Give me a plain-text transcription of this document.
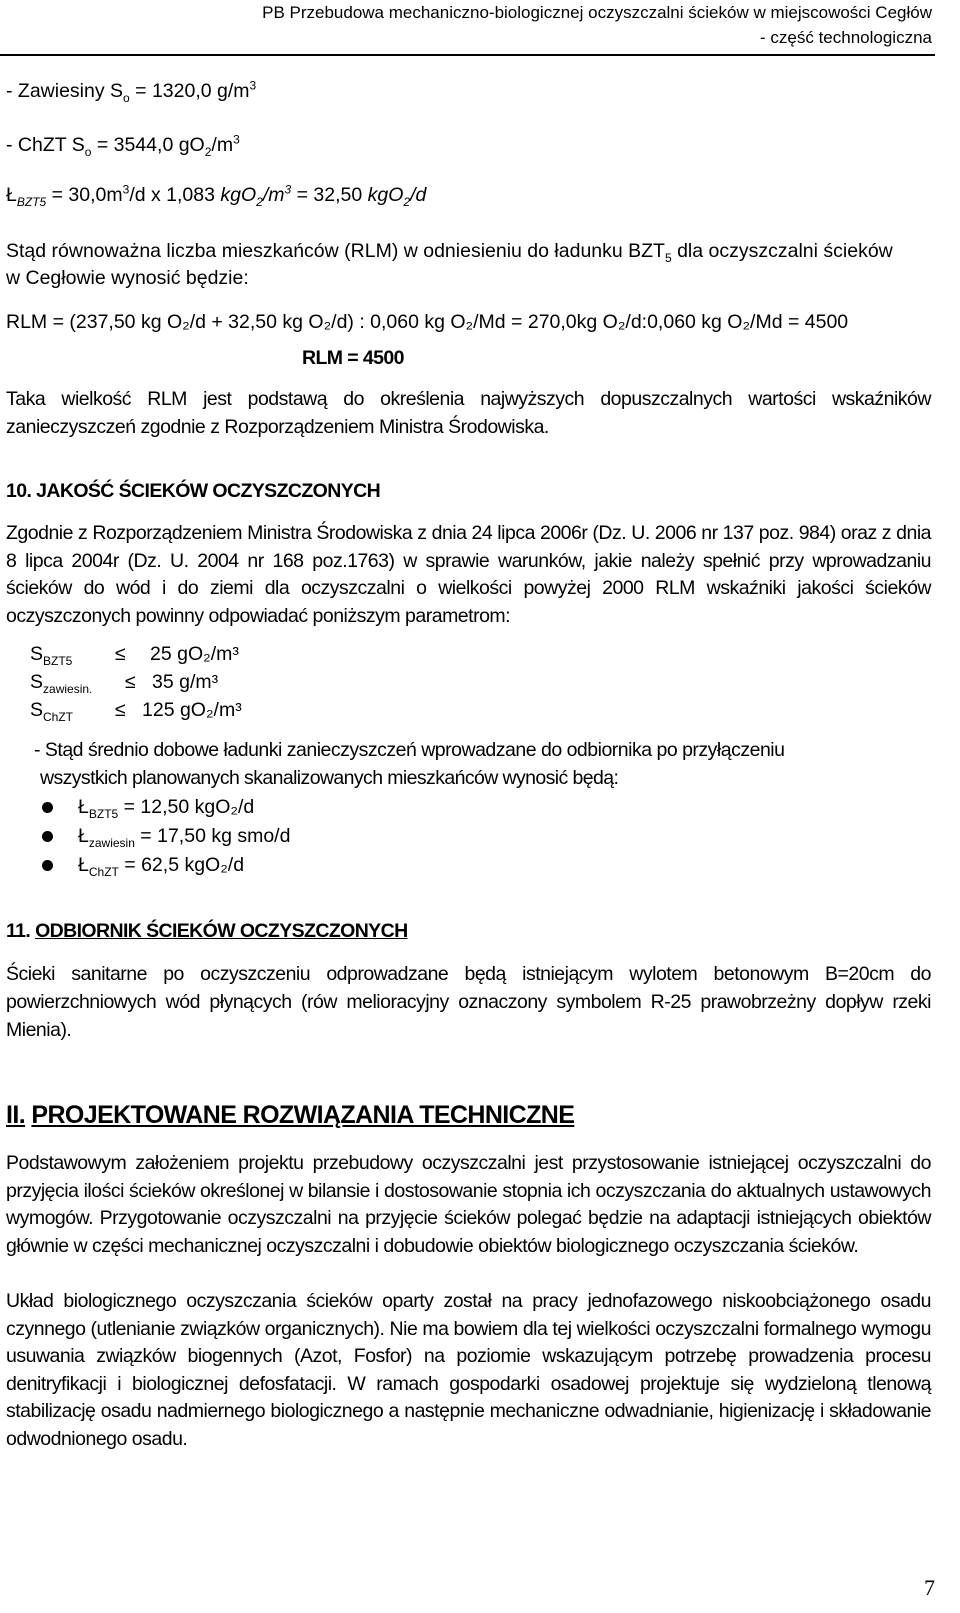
PB Przebudowa mechaniczno-biologicznej oczyszczalni ścieków w miejscowości Cegłów
- część technologiczna
- Zawiesiny $S_o = 1320,0$ $g/m^3$
- ChZT $S_o = 3544,0$ $gO_2/m^3$
$Ł_{BZT5} = 30,0m^3/d$ x 1,083 $kgO_2/m^3 = 32,50$ kgO$_2$/d
Stąd równoważna liczba mieszkańców (RLM) w odniesieniu do ładunku $BZT_5$ dla oczyszczalni ścieków
w Cegłowie wynosić będzie:
RLM = (237,50 kg O₂/d + 32,50 kg O₂/d) : 0,060 kg O₂/Md = 270,0kg O₂/d:0,060 kg O₂/Md = 4500
RLM = 4500
Taka wielkość RLM jest podstawą do określenia najwyższych dopuszczalnych wartości wskaźników zanieczyszczeń zgodnie z Rozporządzeniem Ministra Środowiska.
10. JAKOŚĆ ŚCIEKÓW OCZYSZCZONYCH
Zgodnie z Rozporządzeniem Ministra Środowiska z dnia 24 lipca 2006r (Dz. U. 2006 nr 137 poz. 984) oraz z dnia 8 lipca 2004r (Dz. U. 2004 nr 168 poz.1763) w sprawie warunków, jakie należy spełnić przy wprowadzaniu ścieków do wód i do ziemi dla oczyszczalni o wielkości powyżej 2000 RLM wskaźniki jakości ścieków oczyszczonych powinny odpowiadać poniższym parametrom:
$S_{BZT5} \le 25$ gO₂/m³
$S_{zawiesin.} \le 35$ g/m³
$S_{ChZT} \le 125$ gO₂/m³
- Stąd średnio dobowe ładunki zanieczyszczeń wprowadzane do odbiornika po przyłączeniu
wszystkich planowanych skanalizowanych mieszkańców wynosić będą:
$Ł_{BZT5} = 12,50$ kgO₂/d
$Ł_{zawiesin} = 17,50$ kg smo/d
$Ł_{ChZT} = 62,5$ kgO₂/d
11. ODBIORNIK ŚCIEKÓW OCZYSZCZONYCH
Ścieki sanitarne po oczyszczeniu odprowadzane będą istniejącym wylotem betonowym B=20cm do powierzchniowych wód płynących (rów melioracyjny oznaczony symbolem R-25 prawobrzeżny dopływ rzeki Mienia).
II. PROJEKTOWANE ROZWIĄZANIA TECHNICZNE
Podstawowym założeniem projektu przebudowy oczyszczalni jest przystosowanie istniejącej oczyszczalni do przyjęcia ilości ścieków określonej w bilansie i dostosowanie stopnia ich oczyszczania do aktualnych ustawowych wymogów. Przygotowanie oczyszczalni na przyjęcie ścieków polegać będzie na adaptacji istniejących obiektów głównie w części mechanicznej oczyszczalni i dobudowie obiektów biologicznego oczyszczania ścieków.
Układ biologicznego oczyszczania ścieków oparty został na pracy jednofazowego niskoobciążonego osadu czynnego (utlenianie związków organicznych). Nie ma bowiem dla tej wielkości oczyszczalni formalnego wymogu usuwania związków biogennych (Azot, Fosfor) na poziomie wskazującym potrzebę prowadzenia procesu denitryfikacji i biologicznej defosfatacji. W ramach gospodarki osadowej projektuje się wydzieloną tlenową stabilizację osadu nadmiernego biologicznego a następnie mechaniczne odwadnianie, higienizację i składowanie odwodnionego osadu.
7
